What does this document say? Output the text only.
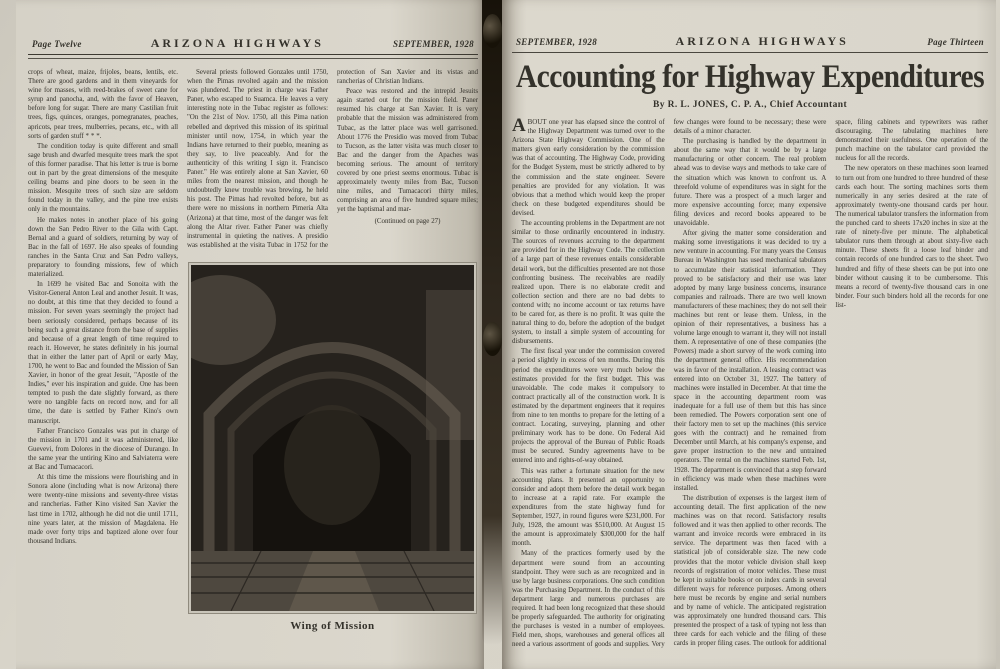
Page Twelve	ARIZONA HIGHWAYS	SEPTEMBER, 1928

crops of wheat, maize, frijoles, beans, lentils, etc. There are good gardens and in them vineyards for wine for masses, with reed-brakes of sweet cane for syrup and panocha, and, with the favor of Heaven, before long for sugar. There are many Castilian fruit trees, figs, quinces, oranges, pomegranates, peaches, apricots, pear trees, mulberries, pecans, etc., with all sorts of garden stuff * * *.

The condition today is quite different and small sage brush and dwarfed mesquite trees mark the spot of this former paradise. That his letter is true is borne out in part by the great dimensions of the mesquite ceiling beams and pine doors to be seen in the mission. Mesquite trees of such size are seldom found today in the valley, and the pine tree exists only in the mountains.

He makes notes in another place of his going down the San Pedro River to the Gila with Capt. Bernal and a guard of soldiers, returning by way of Bac in the fall of 1697. He also speaks of founding ranches in the Santa Cruz and San Pedro valleys, preparatory to founding missions, few of which materialized.

In 1699 he visited Bac and Sonoita with the Visitor-General Anton Leal and another Jesuit. It was, no doubt, at this time that they decided to found a mission. For seven years seemingly the project had been seriously considered, perhaps because of its being such a great distance from the base of supplies and because of a great length of time required to reach it. However, he states definitely in his journal that in either the latter part of April or early May, 1700, he went to Bac and founded the Mission of San Xavier, in honor of the great Jesuit, "Apostle of the Indies," ever his inspiration and guide. One has been tempted to push the date slightly forward, as there were no tangible facts on record now, and for all time, the date is settled by Father Kino's own manuscript.

Father Francisco Gonzales was put in charge of the mission in 1701 and it was administered, like Guevevi, from Dolores in the diocese of Durango. In the same year the untiring Kino and Salviaterra were at Bac and Tumacacori.

At this time the missions were flourishing and in Sonora alone (including what is now Arizona) there were twenty-nine missions and seventy-three vistas and rancherias. Father Kino visited San Xavier the last time in 1702, although he did not die until 1711, nine years later, at the mission of Magdalena. He made over forty trips and baptized alone over four thousand Indians.

Several priests followed Gonzales until 1750, when the Pimas revolted again and the mission was plundered. The priest in charge was Father Paner, who escaped to Suamca. He leaves a very interesting note in the Tubac register as follows: "On the 21st of Nov. 1750, all this Pima nation rebelled and deprived this mission of its spiritual minister until now, 1754, in which year the Indians have returned to their pueblo, meaning as they say, to live peaceably. And for the authenticity of this writing I sign it. Francisco Paner." He was entirely alone at San Xavier, 60 miles from the nearest mission, and though he undoubtedly knew trouble was brewing, he held his post. The Pimas had revolted before, but as there were no missions in northern Pimeria Alta (Arizona) at that time, most of the danger was felt along the Altar river. Father Paner was chiefly instrumental in quieting the natives. A presidio was established at the visita Tubac in 1752 for the protection of San Xavier and its vistas and rancherias of Christian Indians.

Peace was restored and the intrepid Jesuits again started out for the mission field. Paner resumed his charge at San Xavier. It is very probable that the mission was administered from Tubac, as the latter place was well garrisoned. About 1776 the Presidio was moved from Tubac to Tucson, as the latter visita was much closer to Bac and the danger from the Apaches was becoming serious. The amount of territory covered by one priest seems enormous. Tubac is approximately twenty miles from Bac, Tucson nine miles, and Tumacacori thirty miles, comprising an area of five hundred square miles; yet the baptismal and mar-

(Continued on page 27)

Wing of Mission
SEPTEMBER, 1928	ARIZONA HIGHWAYS	Page Thirteen
Accounting for Highway Expenditures
By R. L. JONES, C. P. A., Chief Accountant

ABOUT one year has elapsed since the control of the Highway Department was turned over to the Arizona State Highway Commission. One of the matters given early consideration by the commission was that of accounting. The Highway Code, providing for the Budget System, must be strictly adhered to by the commission and the state engineer. Severe penalties are provided for any violation. It was obvious that a method which would keep the proper check on these budgeted expenditures should be devised.

The accounting problems in the Department are not similar to those ordinarily encountered in industry. The sources of revenues accruing to the department are provided for in the Highway Code. The collection of a large part of these revenues entails considerable detail work, but the difficulties presented are not those confronting business. The receivables are readily realized upon. There is no elaborate credit and collection section and there are no bad debts to contend with; no income account or tax returns have to be cared for, as there is no profit. It was quite the natural thing to do, before the adoption of the budget system, to install a simple system of accounting for disbursements.

The first fiscal year under the commission covered a period slightly in excess of ten months. During this period the expenditures were very much below the estimates provided for the first budget. This was unavoidable. The code makes it compulsory to contract practically all of the construction work. It is estimated by the department engineers that it requires from nine to ten months to prepare for the letting of a contract. Locating, surveying, planning and other preliminary work has to be done. On Federal Aid projects the approval of the Bureau of Public Roads must be secured. Sundry agreements have to be entered into and rights-of-way obtained.

This was rather a fortunate situation for the new accounting plans. It presented an opportunity to consider and adopt them before the detail work began to increase at a rapid rate. For example the expenditures from the state highway fund for September, 1927, in round figures were $231,000. For July, 1928, the amount was $510,000. At August 15 the amount is approximately $300,000 for the half month.

Many of the practices formerly used by the department were sound from an accounting standpoint. They were such as are recognized and in use by large business corporations. One such condition was the Purchasing Department. In the conduct of this department large and numerous purchases are required. It had been long recognized that these should be properly safeguarded. The authority for originating the purchases is vested in a number of employees. Field men, shops, warehouses and general offices all need a various assortment of goods and supplies. Very few changes were found to be necessary; these were details of a minor character.

The purchasing is handled by the department in about the same way that it would be by a large manufacturing or other concern. The real problem ahead was to devise ways and methods to take care of the situation which was known to confront us. A threefold volume of expenditures was in sight for the future. There was a prospect of a much larger and more expensive accounting force; many expensive filing devices and record books appeared to be unavoidable.

After giving the matter some consideration and making some investigations it was decided to try a new venture in accounting. For many years the Census Bureau in Washington has used mechanical tabulators to accumulate their statistical information. They proved to be satisfactory and their use was later adopted by many large business concerns, insurance companies and railroads. There are two well known manufacturers of these machines; they do not sell their machines but rent or lease them. Unless, in the opinion of their representatives, a business has a volume large enough to warrant it, they will not install them. A representative of one of these companies (the Powers) made a short survey of the work coming into the department general office. His recommendation was in favor of the installation. A leasing contract was entered into on October 31, 1927. The battery of machines were installed in December. At that time the space in the accounting department room was inadequate for a full use of them but this has since been remedied. The Powers corporation sent one of their factory men to set up the machines (this service goes with the contract) and he remained from December until March, at his company's expense, and gave proper instruction to the new and untrained operators. The rental on the machines started Feb. 1st, 1928. The department is convinced that a step forward in efficiency was made when these machines were installed.

The distribution of expenses is the largest item of accounting detail. The first application of the new machines was on that record. Satisfactory results followed and it was then applied to other records. The warrant and invoice records were embraced in its service. The department was then faced with a statistical job of considerable size. The new code provides that the motor vehicle division shall keep records of registration of motor vehicles. These must be kept in suitable books or on index cards in several different ways for reference purposes. Among others here must be records by engine and serial numbers and by name of vehicle. The anticipated registration was approximately one hundred thousand cars. This presented the prospect of a task of typing not less than three cards for each vehicle and the filing of these cards in proper filing cases. The outlook for additional space, filing cabinets and typewriters was rather discouraging. The tabulating machines here demonstrated their usefulness. One operation of the punch machine on the tabulator card provided the nucleus for all the records.

The new operators on these machines soon learned to turn out from one hundred to three hundred of these cards each hour. The sorting machines sorts them numerically in any series desired at the rate of approximately twenty-one thousand cards per hour. The numerical tabulator transfers the information from the punched card to sheets 17x20 inches in size at the rate of ninety-five per minute. The alphabetical tabulator runs them through at about sixty-five each minute. These sheets fit a loose leaf binder and contain records of one hundred cars to the sheet. Two hundred and fifty of these sheets can be put into one binder without causing it to be cumbersome. This means a record of twenty-five thousand cars in one binder. Four such binders hold all the records for one list-
